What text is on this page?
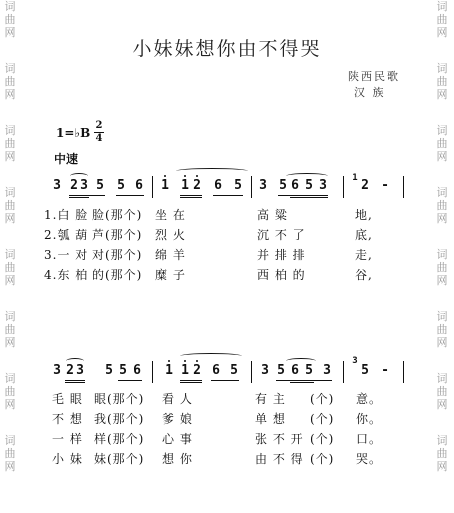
词
曲
网
词
曲
网
词
曲
网
词
曲
网
词
曲
网
词
曲
网
词
曲
网
词
曲
网
词
曲
网
词
曲
网
词
曲
网
词
曲
网
词
曲
网
词
曲
网
词
曲
网
词
曲
网
小妹妹想你由不得哭
陕西民歌
汉 族
1=♭B
2
4
中速
3 2 3 5 5 6 1 1 2 6 5 3 5 6 5 3	1 2 -
1.白 脸 脸(那个) 坐 在	高 粱	地,
2.瓠 葫 芦(那个) 烈 火	沉 不 了	底,
3.一 对 对(那个) 绵 羊	并 排 排	走,
4.东 柏 的(那个) 糜 子	西 柏 的	谷,
3 2 3 5 5 6 1 1 2 6 5 3 5 6 5 3
3
5 -
毛 眼 眼(那个) 看 人	有 主 (个) 意。
不 想 我(那个) 爹 娘	单 想 (个) 你。
一 样 样(那个) 心 事	张 不 开 (个) 口。
小 妹 妹(那个) 想 你	由 不 得 (个) 哭。
